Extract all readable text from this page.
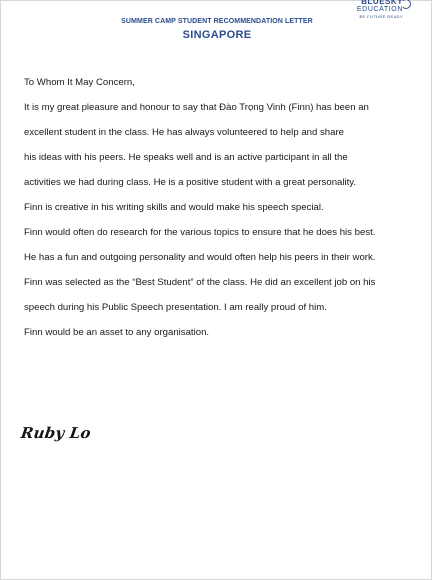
BLUESKY
EDUCATION
BE FUTURE READY
SUMMER CAMP STUDENT RECOMMENDATION LETTER
SINGAPORE

To Whom It May Concern,

It is my great pleasure and honour to say that Đào Trọng Vinh (Finn) has been an

excellent student in the class. He has always volunteered to help and share

his ideas with his peers. He speaks well and is an active participant in all the

activities we had during class. He is a positive student with a great personality.

Finn is creative in his writing skills and would make his speech special.

Finn would often do research for the various topics to ensure that he does his best.

He has a fun and outgoing personality and would often help his peers in their work.

Finn was selected as the “Best Student” of the class. He did an excellent job on his

speech during his Public Speech presentation. I am really proud of him.

Finn would be an asset to any organisation.

Ruby Lo
